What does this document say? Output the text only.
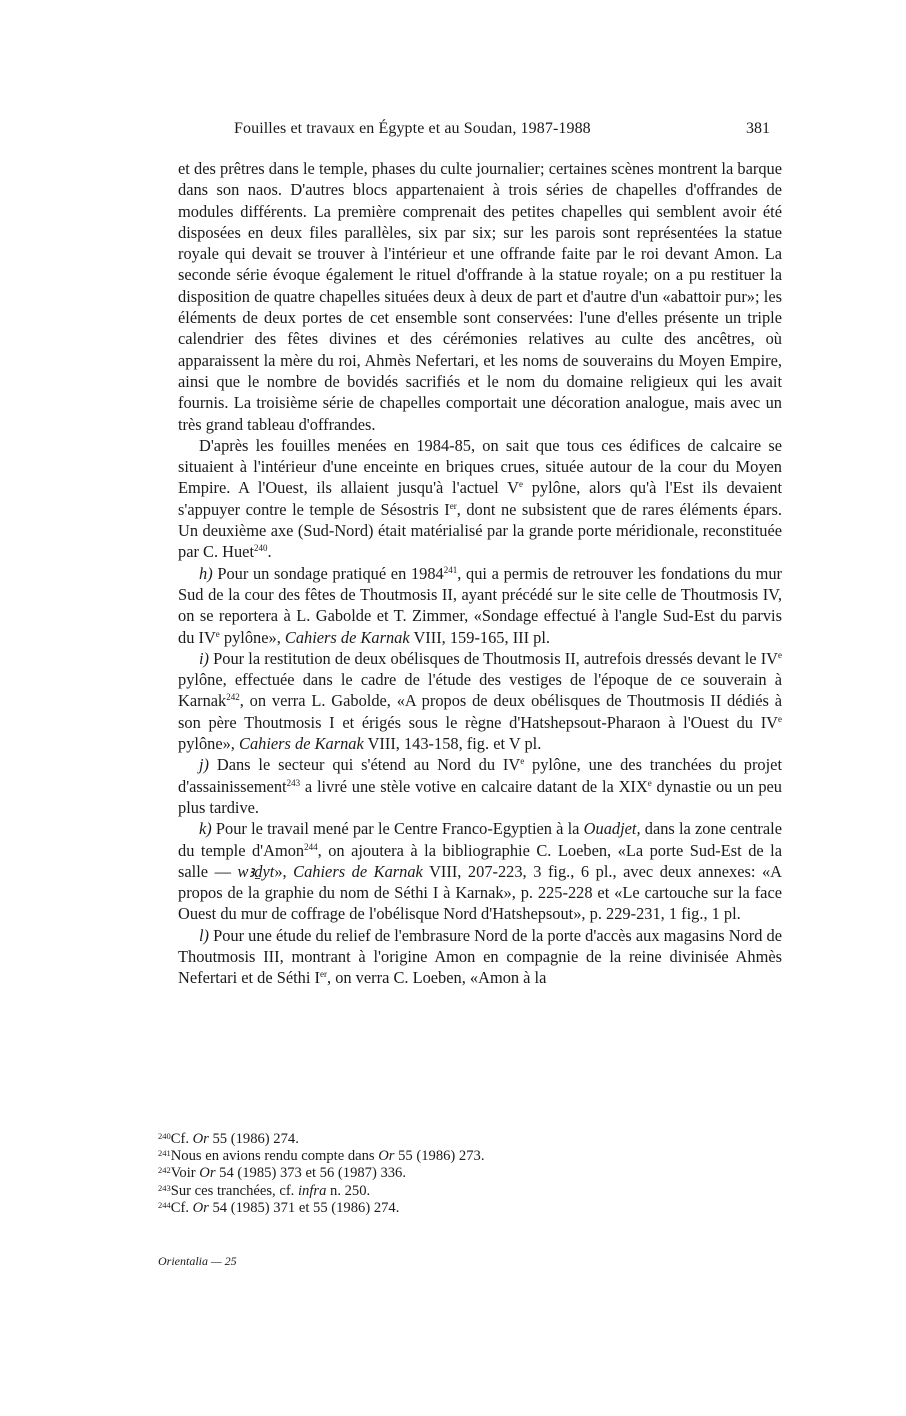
Fouilles et travaux en Égypte et au Soudan, 1987-1988	381

et des prêtres dans le temple, phases du culte journalier; certaines scènes montrent la barque dans son naos. D'autres blocs appartenaient à trois séries de chapelles d'offrandes de modules différents. La première comprenait des petites chapelles qui semblent avoir été disposées en deux files parallèles, six par six; sur les parois sont représentées la statue royale qui devait se trouver à l'intérieur et une offrande faite par le roi devant Amon. La seconde série évoque également le rituel d'offrande à la statue royale; on a pu restituer la disposition de quatre chapelles situées deux à deux de part et d'autre d'un «abattoir pur»; les éléments de deux portes de cet ensemble sont conservées: l'une d'elles présente un triple calendrier des fêtes divines et des cérémonies relatives au culte des ancêtres, où apparaissent la mère du roi, Ahmès Nefertari, et les noms de souverains du Moyen Empire, ainsi que le nombre de bovidés sacrifiés et le nom du domaine religieux qui les avait fournis. La troisième série de chapelles comportait une décoration analogue, mais avec un très grand tableau d'offrandes.

D'après les fouilles menées en 1984-85, on sait que tous ces édifices de calcaire se situaient à l'intérieur d'une enceinte en briques crues, située autour de la cour du Moyen Empire. A l'Ouest, ils allaient jusqu'à l'actuel Ve pylône, alors qu'à l'Est ils devaient s'appuyer contre le temple de Sésostris Ier, dont ne subsistent que de rares éléments épars. Un deuxième axe (Sud-Nord) était matérialisé par la grande porte méridionale, reconstituée par C. Huet$^{240}$.

h) Pour un sondage pratiqué en 1984$^{241}$, qui a permis de retrouver les fondations du mur Sud de la cour des fêtes de Thoutmosis II, ayant précédé sur le site celle de Thoutmosis IV, on se reportera à L. Gabolde et T. Zimmer, «Sondage effectué à l'angle Sud-Est du parvis du IVe pylône», Cahiers de Karnak VIII, 159-165, III pl.

i) Pour la restitution de deux obélisques de Thoutmosis II, autrefois dressés devant le IVe pylône, effectuée dans le cadre de l'étude des vestiges de l'époque de ce souverain à Karnak$^{242}$, on verra L. Gabolde, «A propos de deux obélisques de Thoutmosis II dédiés à son père Thoutmosis I et érigés sous le règne d'Hatshepsout-Pharaon à l'Ouest du IVe pylône», Cahiers de Karnak VIII, 143-158, fig. et V pl.

j) Dans le secteur qui s'étend au Nord du IVe pylône, une des tranchées du projet d'assainissement$^{243}$ a livré une stèle votive en calcaire datant de la XIXe dynastie ou un peu plus tardive.

k) Pour le travail mené par le Centre Franco-Egyptien à la Ouadjet, dans la zone centrale du temple d'Amon$^{244}$, on ajoutera à la bibliographie C. Loeben, «La porte Sud-Est de la salle — wꜣḏyt», Cahiers de Karnak VIII, 207-223, 3 fig., 6 pl., avec deux annexes: «A propos de la graphie du nom de Séthi I à Karnak», p. 225-228 et «Le cartouche sur la face Ouest du mur de coffrage de l'obélisque Nord d'Hatshepsout», p. 229-231, 1 fig., 1 pl.

l) Pour une étude du relief de l'embrasure Nord de la porte d'accès aux magasins Nord de Thoutmosis III, montrant à l'origine Amon en compagnie de la reine divinisée Ahmès Nefertari et de Séthi Ier, on verra C. Loeben, «Amon à la

$^{240}$Cf. Or 55 (1986) 274.
$^{241}$Nous en avions rendu compte dans Or 55 (1986) 273.
$^{242}$Voir Or 54 (1985) 373 et 56 (1987) 336.
$^{243}$Sur ces tranchées, cf. infra n. 250.
$^{244}$Cf. Or 54 (1985) 371 et 55 (1986) 274.
Orientalia — 25
